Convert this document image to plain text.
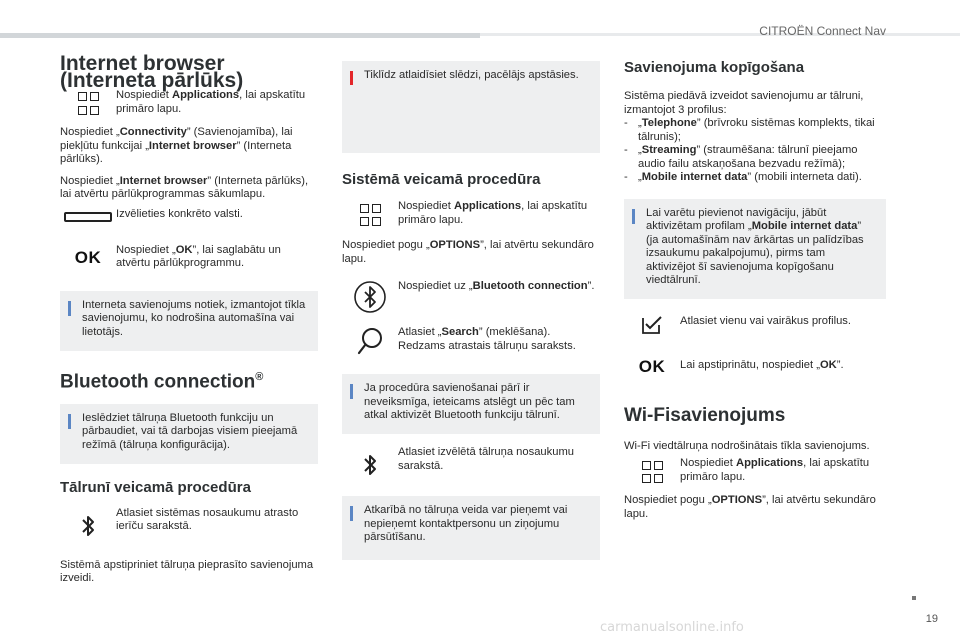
CITROËN Connect Nav
19
Internet browser (Interneta pārlūks)
Nospiediet Applications, lai apskatītu primāro lapu.
Nospiediet „Connectivity” (Savienojamība), lai piekļūtu funkcijai „Internet browser” (Interneta pārlūks).
Nospiediet „Internet browser” (Interneta pārlūks), lai atvērtu pārlūkprogrammas sākumlapu.
Izvēlieties konkrēto valsti.
OK Nospiediet „OK”, lai saglabātu un atvērtu pārlūkprogrammu.
Interneta savienojums notiek, izmantojot tīkla savienojumu, ko nodrošina automašīna vai lietotājs.
Bluetooth connection®
Ieslēdziet tālruņa Bluetooth funkciju un pārbaudiet, vai tā darbojas visiem pieejamā režīmā (tālruņa konfigurācija).
Tālrunī veicamā procedūra
Atlasiet sistēmas nosaukumu atrasto ierīču sarakstā.
Sistēmā apstipriniet tālruņa pieprasīto savienojuma izveidi.
Tiklīdz atlaidīsiet slēdzi, pacēlājs apstāsies.
Sistēmā veicamā procedūra
Nospiediet Applications, lai apskatītu primāro lapu.
Nospiediet pogu „OPTIONS”, lai atvērtu sekundāro lapu.
Nospiediet uz „Bluetooth connection”.
Atlasiet „Search” (meklēšana). Redzams atrastais tālruņu saraksts.
Ja procedūra savienošanai pārī ir neveiksmīga, ieteicams atslēgt un pēc tam atkal aktivizēt Bluetooth funkciju tālrunī.
Atlasiet izvēlētā tālruņa nosaukumu sarakstā.
Atkarībā no tālruņa veida var pieņemt vai nepieņemt kontaktpersonu un ziņojumu pārsūtīšanu.
Savienojuma kopīgošana
Sistēma piedāvā izveidot savienojumu ar tālruni, izmantojot 3 profilus:
- „Telephone” (brīvroku sistēmas komplekts, tikai tālrunis);
- „Streaming” (straumēšana: tālrunī pieejamo audio failu atskaņošana bezvadu režīmā);
- „Mobile internet data” (mobili interneta dati).
Lai varētu pievienot navigāciju, jābūt aktivizētam profilam „Mobile internet data” (ja automašīnām nav ārkārtas un palīdzības izsaukumu pakalpojumu), pirms tam aktivizējot šī savienojuma kopīgošanu viedtālrunī.
Atlasiet vienu vai vairākus profilus.
OK Lai apstiprinātu, nospiediet „OK”.
Wi-Fisavienojums
Wi-Fi viedtālruņa nodrošinātais tīkla savienojums.
Nospiediet Applications, lai apskatītu primāro lapu.
Nospiediet pogu „OPTIONS”, lai atvērtu sekundāro lapu.
carmanualsonline.info
